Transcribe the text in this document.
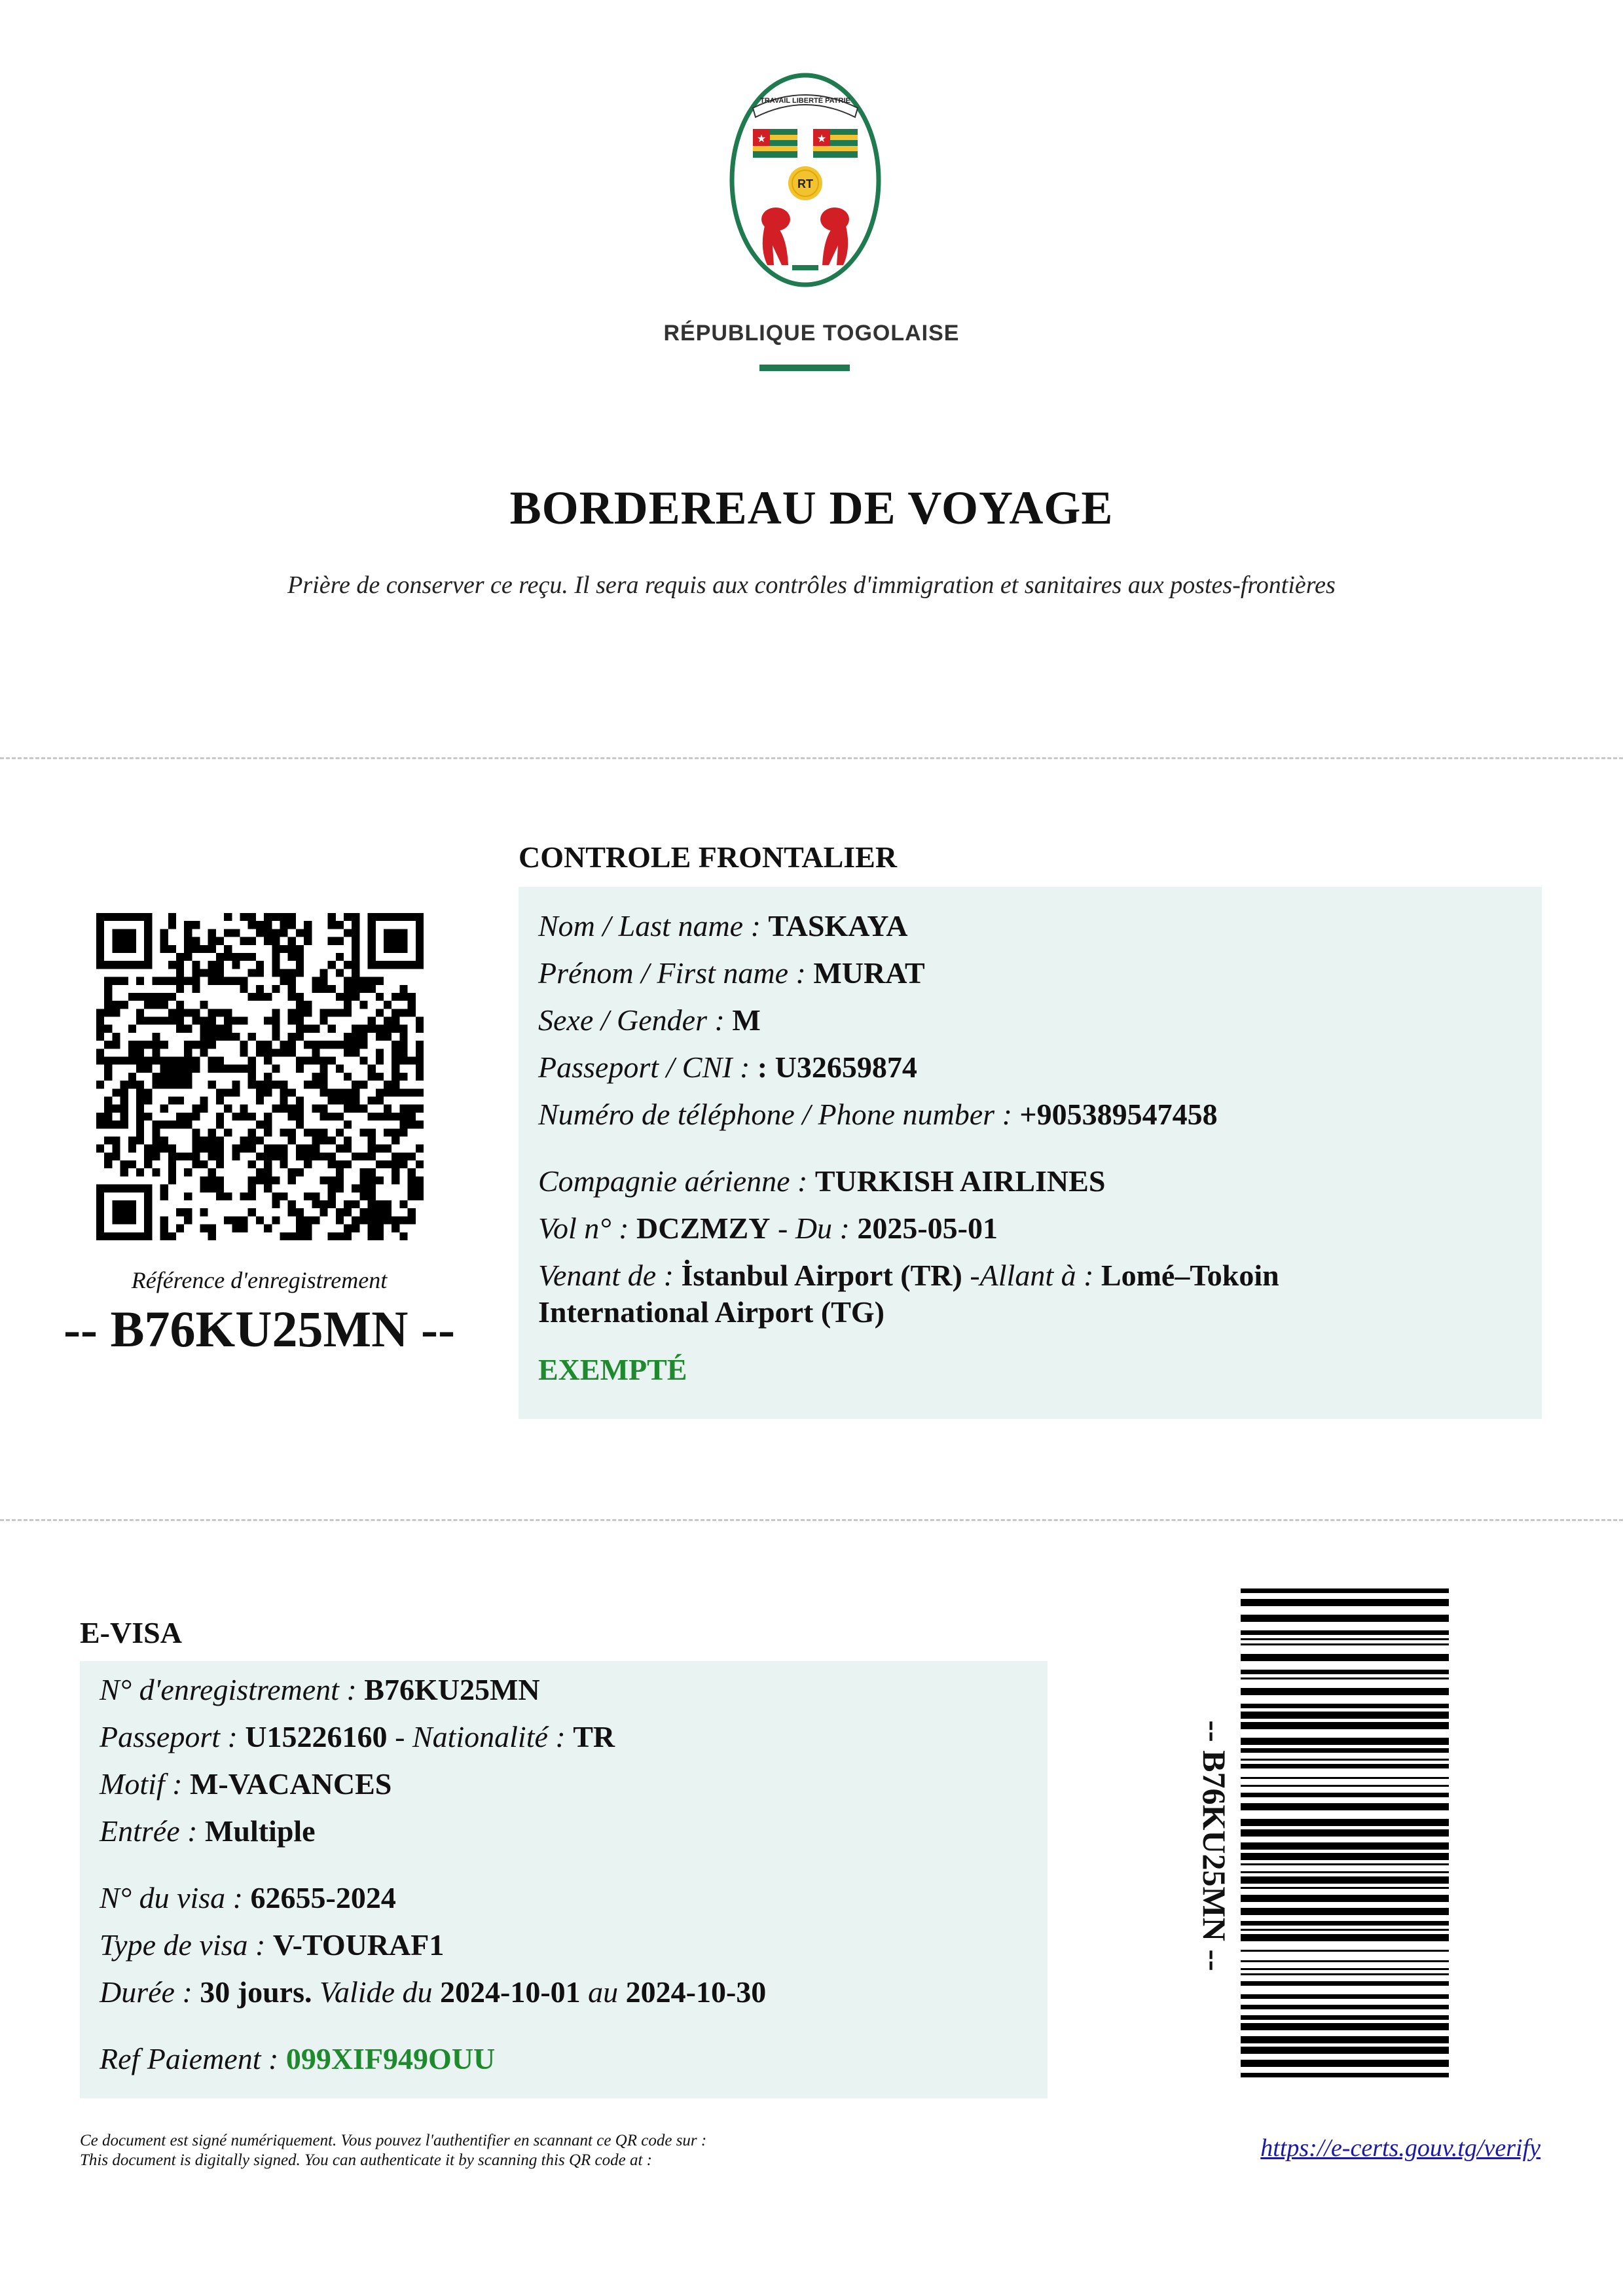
TRAVAIL LIBERTÉ PATRIE
★	★
RT
RÉPUBLIQUE TOGOLAISE
BORDEREAU DE VOYAGE
Prière de conserver ce reçu. Il sera requis aux contrôles d'immigration et sanitaires aux postes-frontières
Référence d'enregistrement
-- B76KU25MN --
CONTROLE FRONTALIER
Nom / Last name : TASKAYA
Prénom / First name : MURAT
Sexe / Gender : M
Passeport / CNI : : U32659874
Numéro de téléphone / Phone number : +905389547458
Compagnie aérienne : TURKISH AIRLINES
Vol n° : DCZMZY - Du : 2025-05-01
Venant de : İstanbul Airport (TR) -Allant à : Lomé–Tokoin
International Airport (TG)
EXEMPTÉ
E-VISA
N° d'enregistrement : B76KU25MN
Passeport : U15226160 - Nationalité : TR
Motif : M-VACANCES
Entrée : Multiple
N° du visa : 62655-2024
Type de visa : V-TOURAF1
Durée : 30 jours. Valide du 2024-10-01 au 2024-10-30
Ref Paiement : 099XIF949OUU
-- B76KU25MN --
Ce document est signé numériquement. Vous pouvez l'authentifier en scannant ce QR code sur :
This document is digitally signed. You can authenticate it by scanning this QR code at :	https://e-certs.gouv.tg/verify
